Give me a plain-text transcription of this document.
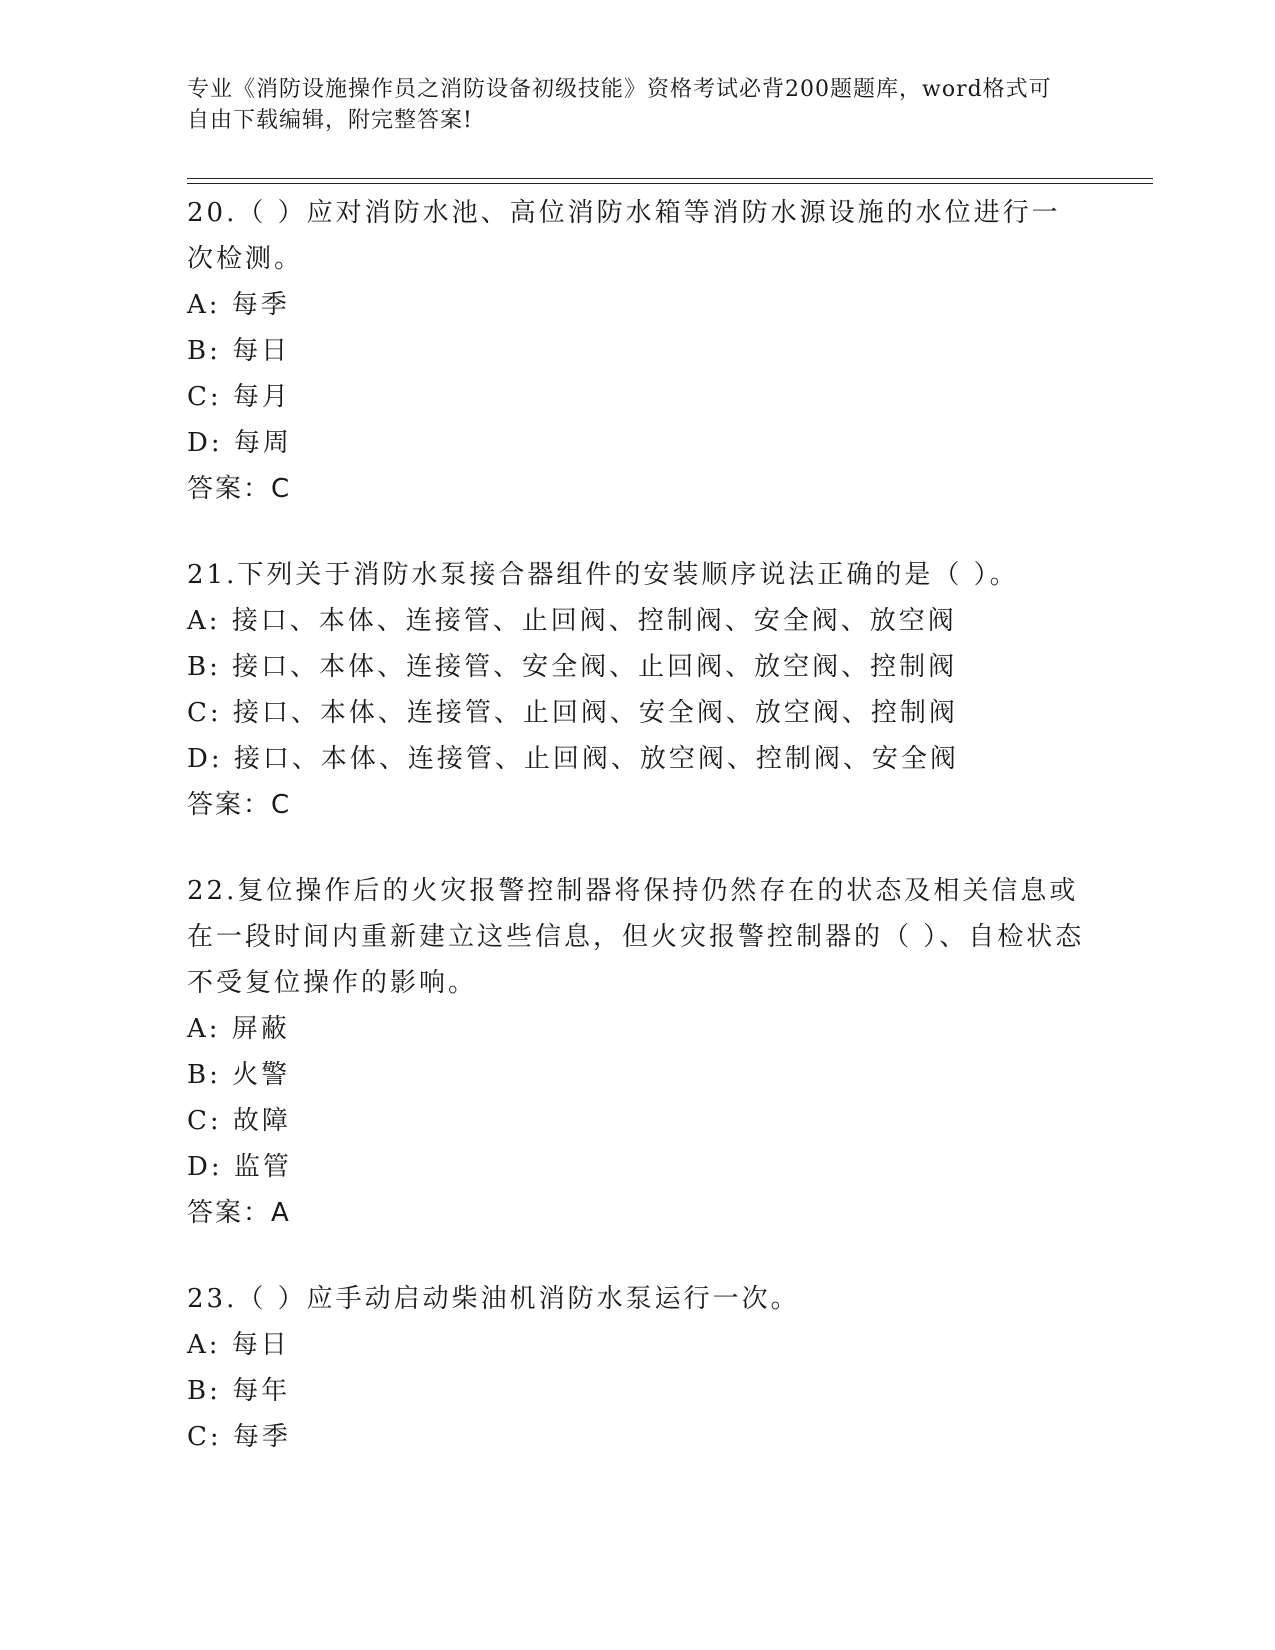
专业《消防设施操作员之消防设备初级技能》资格考试必背200题题库，word格式可自由下载编辑，附完整答案!

20.（ ）应对消防水池、高位消防水箱等消防水源设施的水位进行一次检测。

A: 每季
B: 每日
C: 每月
D: 每周
答案：C

21.下列关于消防水泵接合器组件的安装顺序说法正确的是（ ）。

A: 接口、本体、连接管、止回阀、控制阀、安全阀、放空阀
B: 接口、本体、连接管、安全阀、止回阀、放空阀、控制阀
C: 接口、本体、连接管、止回阀、安全阀、放空阀、控制阀
D: 接口、本体、连接管、止回阀、放空阀、控制阀、安全阀
答案：C

22.复位操作后的火灾报警控制器将保持仍然存在的状态及相关信息或在一段时间内重新建立这些信息，但火灾报警控制器的（ ）、自检状态不受复位操作的影响。

A: 屏蔽
B: 火警
C: 故障
D: 监管
答案：A

23.（ ）应手动启动柴油机消防水泵运行一次。

A: 每日
B: 每年
C: 每季
